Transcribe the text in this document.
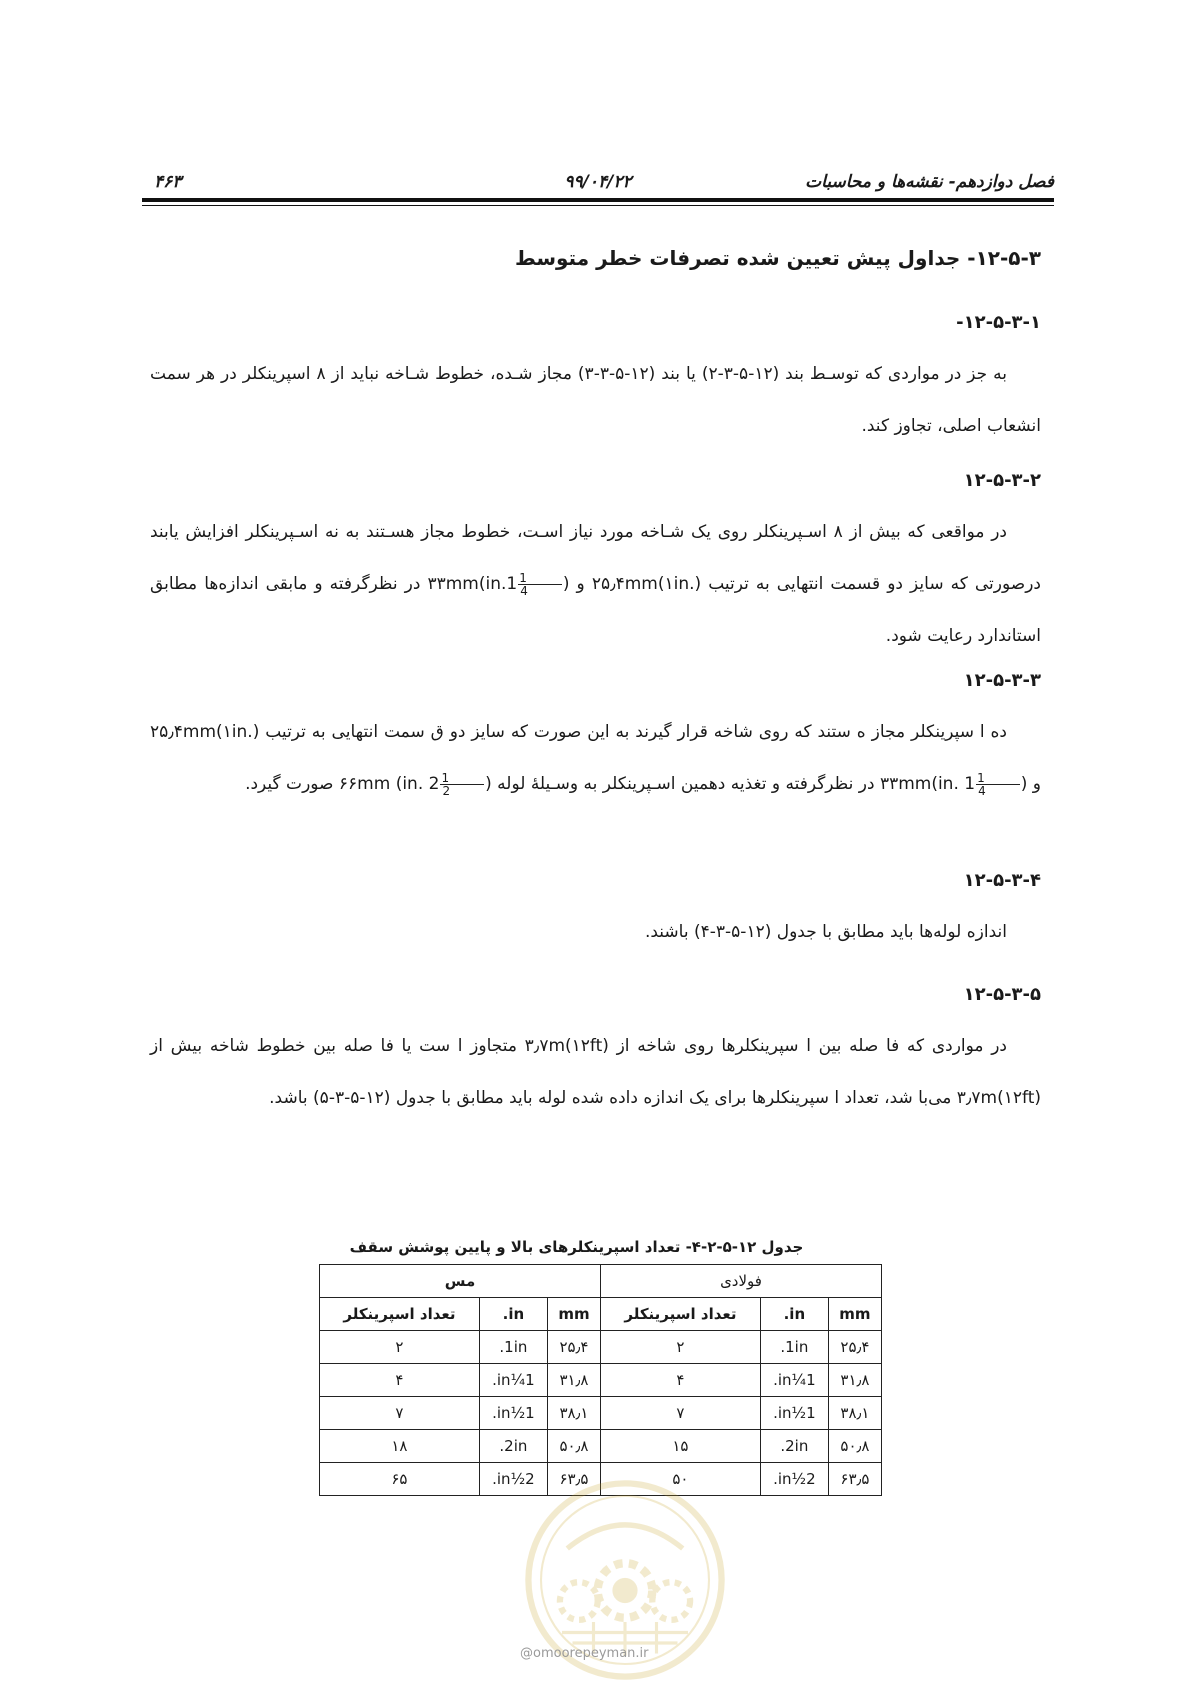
فصل دوازدهم- نقشه‌ها و محاسبات
۹۹/۰۴/۲۲
۴۶۳
۱۲-۵-۳- جداول پیش تعیین شده تصرفات خطر متوسط
۱۲-۵-۳-۱-

به جز در مواردی که توسـط بند (۱۲-۵-۳-۲) یا بند (۱۲-۵-۳-۳) مجاز شـده، خطوط شـاخه نباید از ۸ اسپرینکلر در هر سمت انشعاب اصلی، تجاوز کند.

۱۲-۵-۳-۲

در مواقعی که بیش از ۸ اسـپرینکلر روی یک شـاخه مورد نیاز اسـت، خطوط مجاز هسـتند به نه اسـپرینکلر افزایش یابند درصورتی که سایز دو قسمت انتهایی به ترتیب ۲۵٫۴mm(۱in.) و ۳۳mm(in.1 $\frac{1}{4}$
) در نظرگرفته و مابقی اندازه‌ها مطابق استاندارد رعایت شود.

۱۲-۵-۳-۳

ده ا سپرینکلر مجاز ه ستند که روی شاخه قرار گیرند به این صورت که سایز دو ق سمت انتهایی به ترتیب ۲۵٫۴mm(۱in.) و ۳۳mm(in. $1 \frac{1}{4}$
) در نظرگرفته و تغذیه دهمین اسـپرینکلر به وسـیلهٔ لوله ۶۶mm (in. $2 \frac{1}{2}$
) صورت گیرد.

۱۲-۵-۳-۴

اندازه لوله‌ها باید مطابق با جدول (۱۲-۵-۳-۴) باشند.

۱۲-۵-۳-۵

در مواردی که فا صله بین ا سپرینکلرها روی شاخه از ۳٫۷m(۱۲ft) متجاوز ا ست یا فا صله بین خطوط شاخه بیش از ۳٫۷m(۱۲ft) می‌با شد، تعداد ا سپرینکلرها برای یک اندازه داده شده لوله باید مطابق با جدول (۱۲-۵-۳-۵) باشد.

جدول ۱۲-۵-۲-۴- تعداد اسپرینکلرهای بالا و پایین پوشش سقف
فولادی			مس		
mm	in.	تعداد اسپرینکلر	mm	in.	تعداد اسپرینکلر
۲۵٫۴	1in.	۲	۲۵٫۴	1in.	۲
۳۱٫۸	1¼in.	۴	۳۱٫۸	1¼in.	۴
۳۸٫۱	1½in.	۷	۳۸٫۱	1½in.	۷
۵۰٫۸	2in.	۱۵	۵۰٫۸	2in.	۱۸
۶۳٫۵	2½in.	۵۰	۶۳٫۵	2½in.	۶۵
@omoorepeyman.ir
